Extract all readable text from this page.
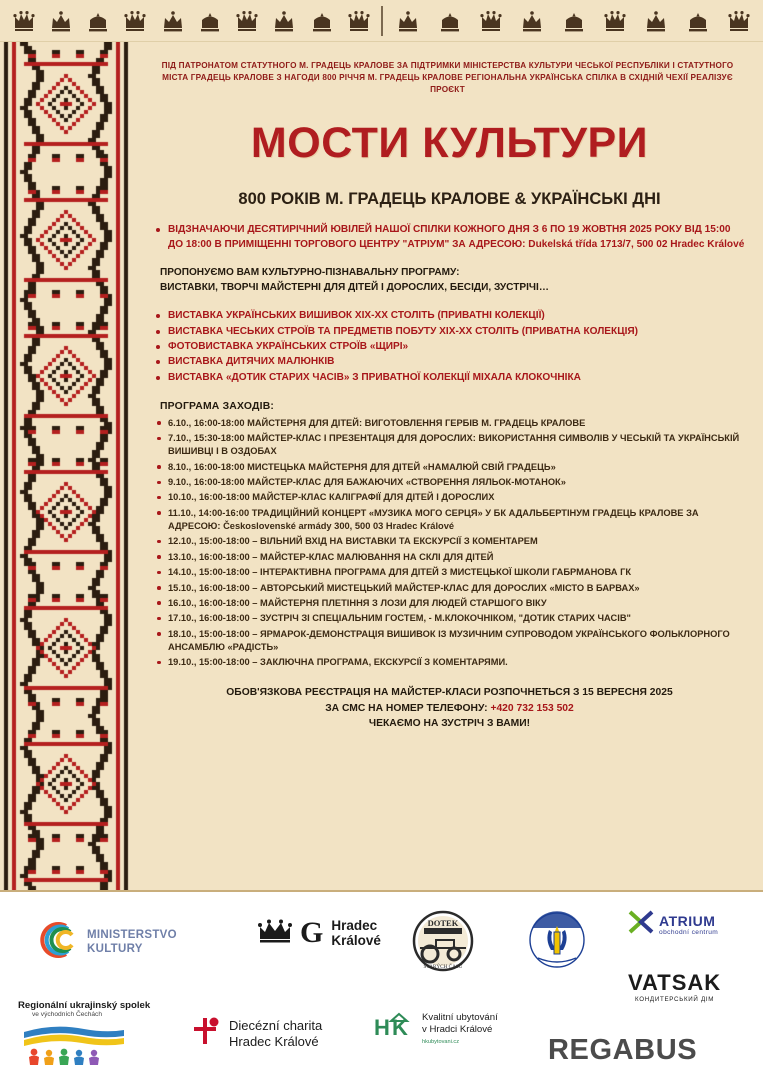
ПІД ПАТРОНАТОМ СТАТУТНОГО М. ГРАДЕЦЬ КРАЛОВЕ ЗА ПІДТРИМКИ МІНІСТЕРСТВА КУЛЬТУРИ ЧЕСЬКОЇ РЕСПУБЛІКИ І СТАТУТНОГО МІСТА ГРАДЕЦЬ КРАЛОВЕ З НАГОДИ 800 РІЧЧЯ М. ГРАДЕЦЬ КРАЛОВЕ РЕГІОНАЛЬНА УКРАЇНСЬКА СПІЛКА В СХІДНІЙ ЧЕХІЇ РЕАЛІЗУЄ ПРОЄКТ
МОСТИ КУЛЬТУРИ
800 РОКІВ М. ГРАДЕЦЬ КРАЛОВЕ & УКРАЇНСЬКІ ДНІ
ВІДЗНАЧАЮЧИ ДЕСЯТИРІЧНИЙ ЮВІЛЕЙ НАШОЇ СПІЛКИ КОЖНОГО ДНЯ З 6 ПО 19 ЖОВТНЯ 2025 РОКУ ВІД 15:00 ДО 18:00 В ПРИМІЩЕННІ ТОРГОВОГО ЦЕНТРУ "АТРІУМ" ЗА АДРЕСОЮ: Dukelská třída 1713/7, 500 02 Hradec Králové

ПРОПОНУЄМО ВАМ КУЛЬТУРНО-ПІЗНАВАЛЬНУ ПРОГРАМУ:

ВИСТАВКИ, ТВОРЧІ МАЙСТЕРНІ ДЛЯ ДІТЕЙ І ДОРОСЛИХ, БЕСІДИ, ЗУСТРІЧІ…

ВИСТАВКА УКРАЇНСЬКИХ ВИШИВОК XIX-XX СТОЛІТЬ (ПРИВАТНІ КОЛЕКЦІЇ)
ВИСТАВКА ЧЕСЬКИХ СТРОЇВ ТА ПРЕДМЕТІВ ПОБУТУ XIX-XX СТОЛІТЬ (ПРИВАТНА КОЛЕКЦІЯ)
ФОТОВИСТАВКА УКРАЇНСЬКИХ СТРОЇВ «ЩИРІ»
ВИСТАВКА ДИТЯЧИХ МАЛЮНКІВ
ВИСТАВКА «ДОТИК СТАРИХ ЧАСІВ» З ПРИВАТНОЇ КОЛЕКЦІЇ МІХАЛА КЛОКОЧНІКА
ПРОГРАМА ЗАХОДІВ:
6.10., 16:00-18:00 МАЙСТЕРНЯ ДЛЯ ДІТЕЙ: ВИГОТОВЛЕННЯ ГЕРБІВ М. ГРАДЕЦЬ КРАЛОВЕ
7.10., 15:30-18:00 МАЙСТЕР-КЛАС І ПРЕЗЕНТАЦІЯ ДЛЯ ДОРОСЛИХ: ВИКОРИСТАННЯ СИМВОЛІВ У ЧЕСЬКІЙ ТА УКРАЇНСЬКІЙ ВИШИВЦІ І В ОЗДОБАХ
8.10., 16:00-18:00 МИСТЕЦЬКА МАЙСТЕРНЯ ДЛЯ ДІТЕЙ «НАМАЛЮЙ СВІЙ ГРАДЕЦЬ»
9.10., 16:00-18:00 МАЙСТЕР-КЛАС ДЛЯ БАЖАЮЧИХ «СТВОРЕННЯ ЛЯЛЬОК-МОТАНОК»
10.10., 16:00-18:00 МАЙСТЕР-КЛАС КАЛІГРАФІЇ ДЛЯ ДІТЕЙ І ДОРОСЛИХ
11.10., 14:00-16:00 ТРАДИЦІЙНИЙ КОНЦЕРТ «МУЗИКА МОГО СЕРЦЯ» У БК АДАЛЬБЕРТІНУМ ГРАДЕЦЬ КРАЛОВЕ ЗА АДРЕСОЮ: Československé armády 300, 500 03 Hradec Králové
12.10., 15:00-18:00 – ВІЛЬНИЙ ВХІД НА ВИСТАВКИ ТА ЕКСКУРСІЇ З КОМЕНТАРЕМ
13.10., 16:00-18:00 – МАЙСТЕР-КЛАС МАЛЮВАННЯ НА СКЛІ ДЛЯ ДІТЕЙ
14.10., 15:00-18:00 – ІНТЕРАКТИВНА ПРОГРАМА ДЛЯ ДІТЕЙ З МИСТЕЦЬКОЇ ШКОЛИ ГАБРМАНОВА ГК
15.10., 16:00-18:00 – АВТОРСЬКИЙ МИСТЕЦЬКИЙ МАЙСТЕР-КЛАС ДЛЯ ДОРОСЛИХ «МІСТО В БАРВАХ»
16.10., 16:00-18:00 – МАЙСТЕРНЯ ПЛЕТІННЯ З ЛОЗИ ДЛЯ ЛЮДЕЙ СТАРШОГО ВІКУ
17.10., 16:00-18:00 – ЗУСТРІЧ ЗІ СПЕЦІАЛЬНИМ ГОСТЕМ, - М.КЛОКОЧНІКОМ, "ДОТИК СТАРИХ ЧАСІВ"
18.10., 15:00-18:00 – ЯРМАРОК-ДЕМОНСТРАЦІЯ ВИШИВОК ІЗ МУЗИЧНИМ СУПРОВОДОМ УКРАЇНСЬКОГО ФОЛЬКЛОРНОГО АНСАМБЛЮ «РАДІСТЬ»
19.10., 15:00-18:00 – ЗАКЛЮЧНА ПРОГРАМА, ЕКСКУРСІЇ З КОМЕНТАРЯМИ.
ОБОВ'ЯЗКОВА РЕЄСТРАЦІЯ НА МАЙСТЕР-КЛАСИ РОЗПОЧНЕТЬСЯ З 15 ВЕРЕСНЯ 2025
ЗА СМС НА НОМЕР ТЕЛЕФОНУ: +420 732 153 502
ЧЕКАЄМО НА ЗУСТРІЧ З ВАМИ!
MINISTERSTVO
KULTURY	G Hradec
Králové
DOTEK
STARÝCH ČASŮ
ATRIUM
obchodní centrum
VATSAK
КОНДИТЕРСЬКИЙ ДІМ
Regionální ukrajinský spolek
ve východních Čechách
Diecézní charita
Hradec Králové
H K Kvalitní ubytování
v Hradci Králové
hkubytovani.cz	REGABUS
